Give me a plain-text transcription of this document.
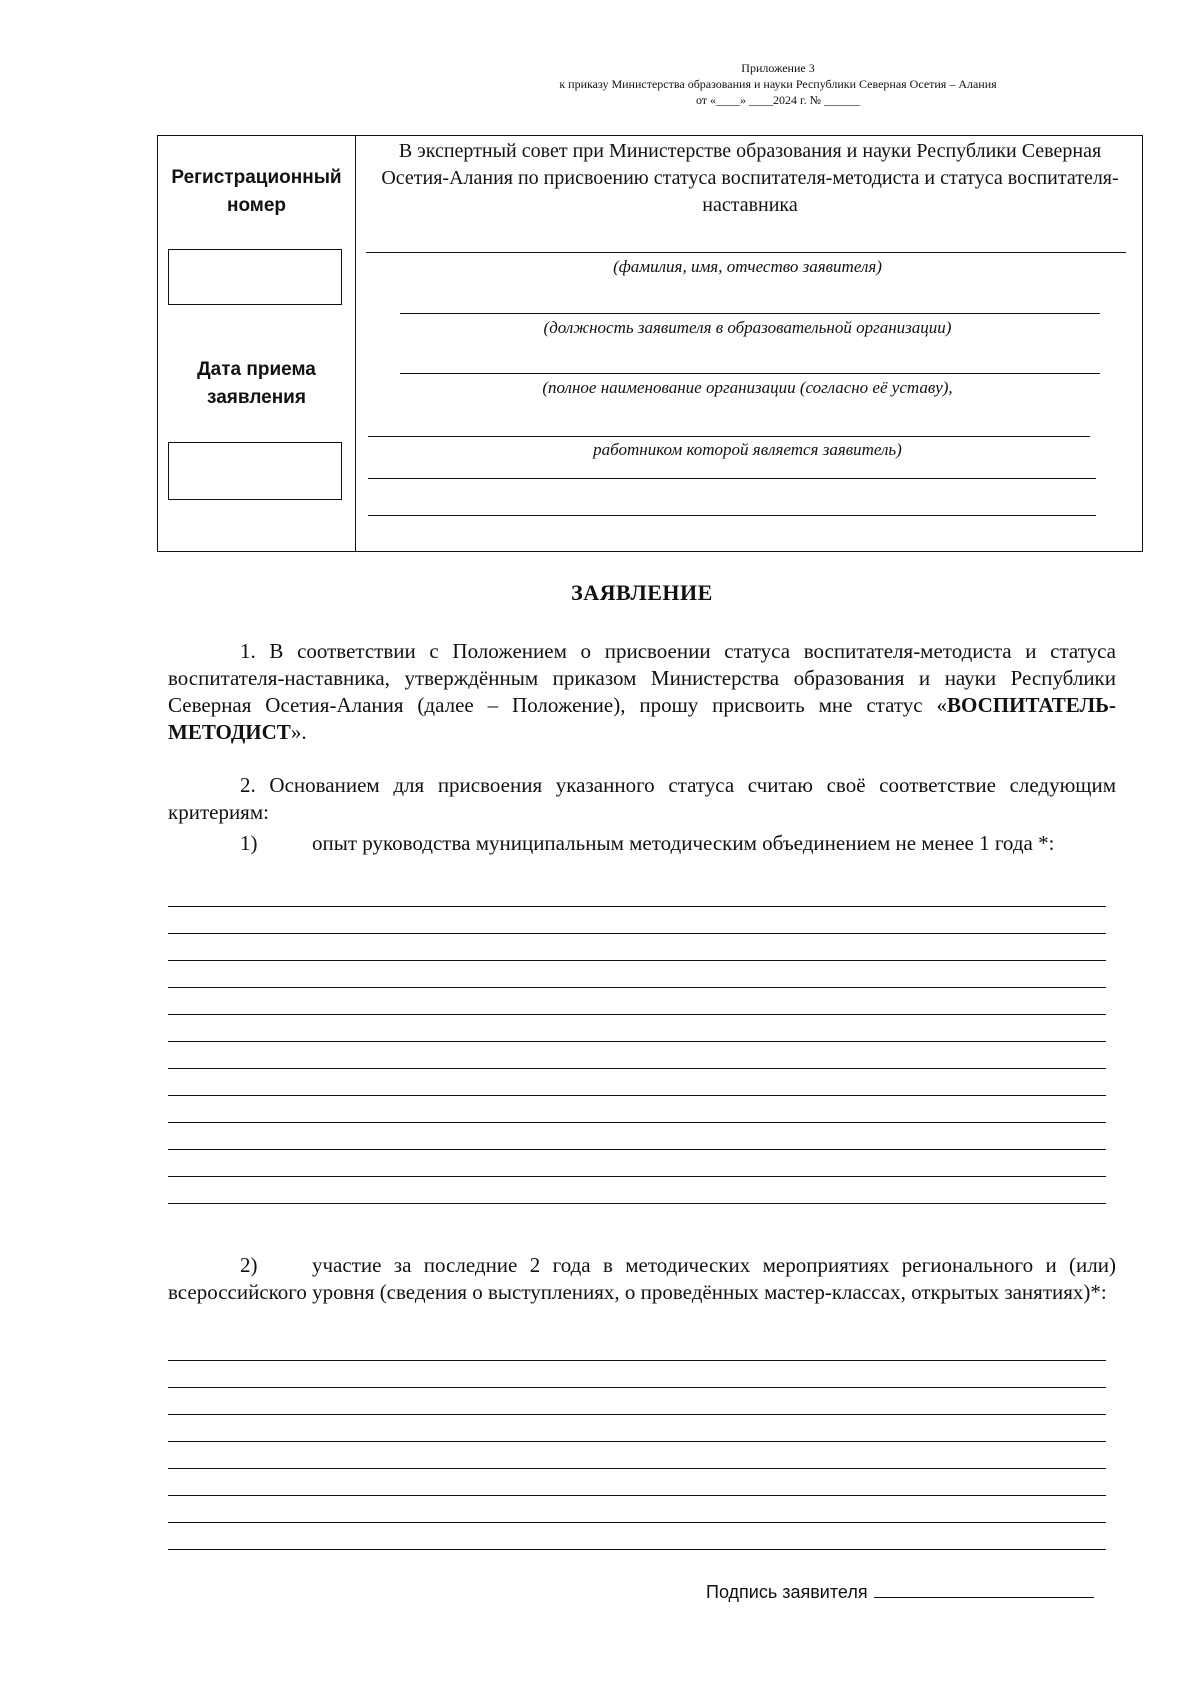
Приложение 3
к приказу Министерства образования и науки Республики Северная Осетия – Алания
от «____» ____2024 г. № ______
Регистрационный номер
Дата приема заявления
В экспертный совет при Министерстве образования и науки Республики Северная Осетия-Алания по присвоению статуса воспитателя-методиста и статуса воспитателя-наставника
(фамилия, имя, отчество заявителя)
(должность заявителя в образовательной организации)
(полное наименование организации (согласно её уставу),
работником которой является заявитель)
ЗАЯВЛЕНИЕ
1. В соответствии с Положением о присвоении статуса воспитателя-методиста и статуса воспитателя-наставника, утверждённым приказом Министерства образования и науки Республики Северная Осетия-Алания (далее – Положение), прошу присвоить мне статус «ВОСПИТАТЕЛЬ-МЕТОДИСТ».
2. Основанием для присвоения указанного статуса считаю своё соответствие следующим критериям:
1)	опыт руководства муниципальным методическим объединением не менее 1 года *:
2)	участие за последние 2 года в методических мероприятиях регионального и (или) всероссийского уровня (сведения о выступлениях, о проведённых мастер-классах, открытых занятиях)*:
Подпись заявителя
